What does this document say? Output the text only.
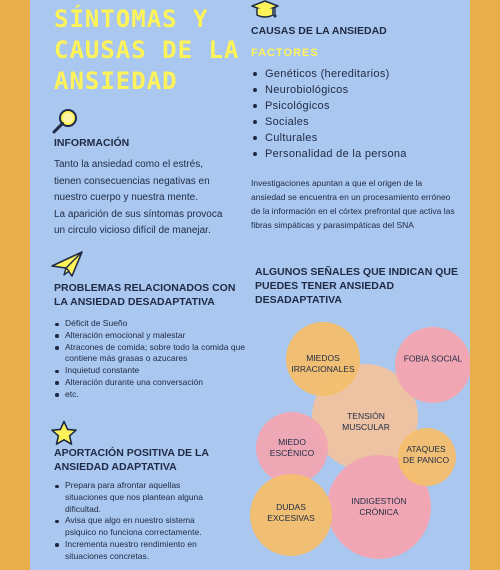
SÍNTOMAS Y
CAUSAS DE LA
ANSIEDAD
INFORMACIÓN
Tanto la ansiedad como el estrés,
tienen consecuencias negativas en
nuestro cuerpo y nuestra mente.
La aparición de sus síntomas provoca
un circulo vicioso difícil de manejar.
PROBLEMAS RELACIONADOS CON LA ANSIEDAD DESADAPTATIVA
Déficit de Sueño
Alteración emocional y malestar
Atracones de comida; sobre todo la comida que contiene más grasas o azucares
Inquietud constante
Alteración durante una conversación
etc.
APORTACIÓN POSITIVA DE LA ANSIEDAD ADAPTATIVA
Prepara para afrontar aquellas situaciones que nos plantean alguna dificultad.
Avisa que algo en nuestro sistema psiquico no funciona correctamente.
Incrementa nuestro rendimiento en situaciones concretas.
CAUSAS DE LA ANSIEDAD
FACTORES
Genéticos (hereditarios)
Neurobiológicos
Psicológicos
Sociales
Culturales
Personalidad de la persona
Investigaciones apuntan a que el origen de la ansiedad se encuentra en un procesamiento erróneo de la información en el córtex prefrontal que activa las fibras simpáticas y parasimpáticas del SNA
ALGUNOS SEÑALES QUE INDICAN QUE PUEDES TENER ANSIEDAD DESADAPTATIVA
TENSIÓN
MUSCULAR
INDIGESTIÓN
CRÓNICA
MIEDOS
IRRACIONALES
FOBIA SOCIAL
MIEDO
ESCÉNICO	ATAQUES
DE PANICO
DUDAS
EXCESIVAS
